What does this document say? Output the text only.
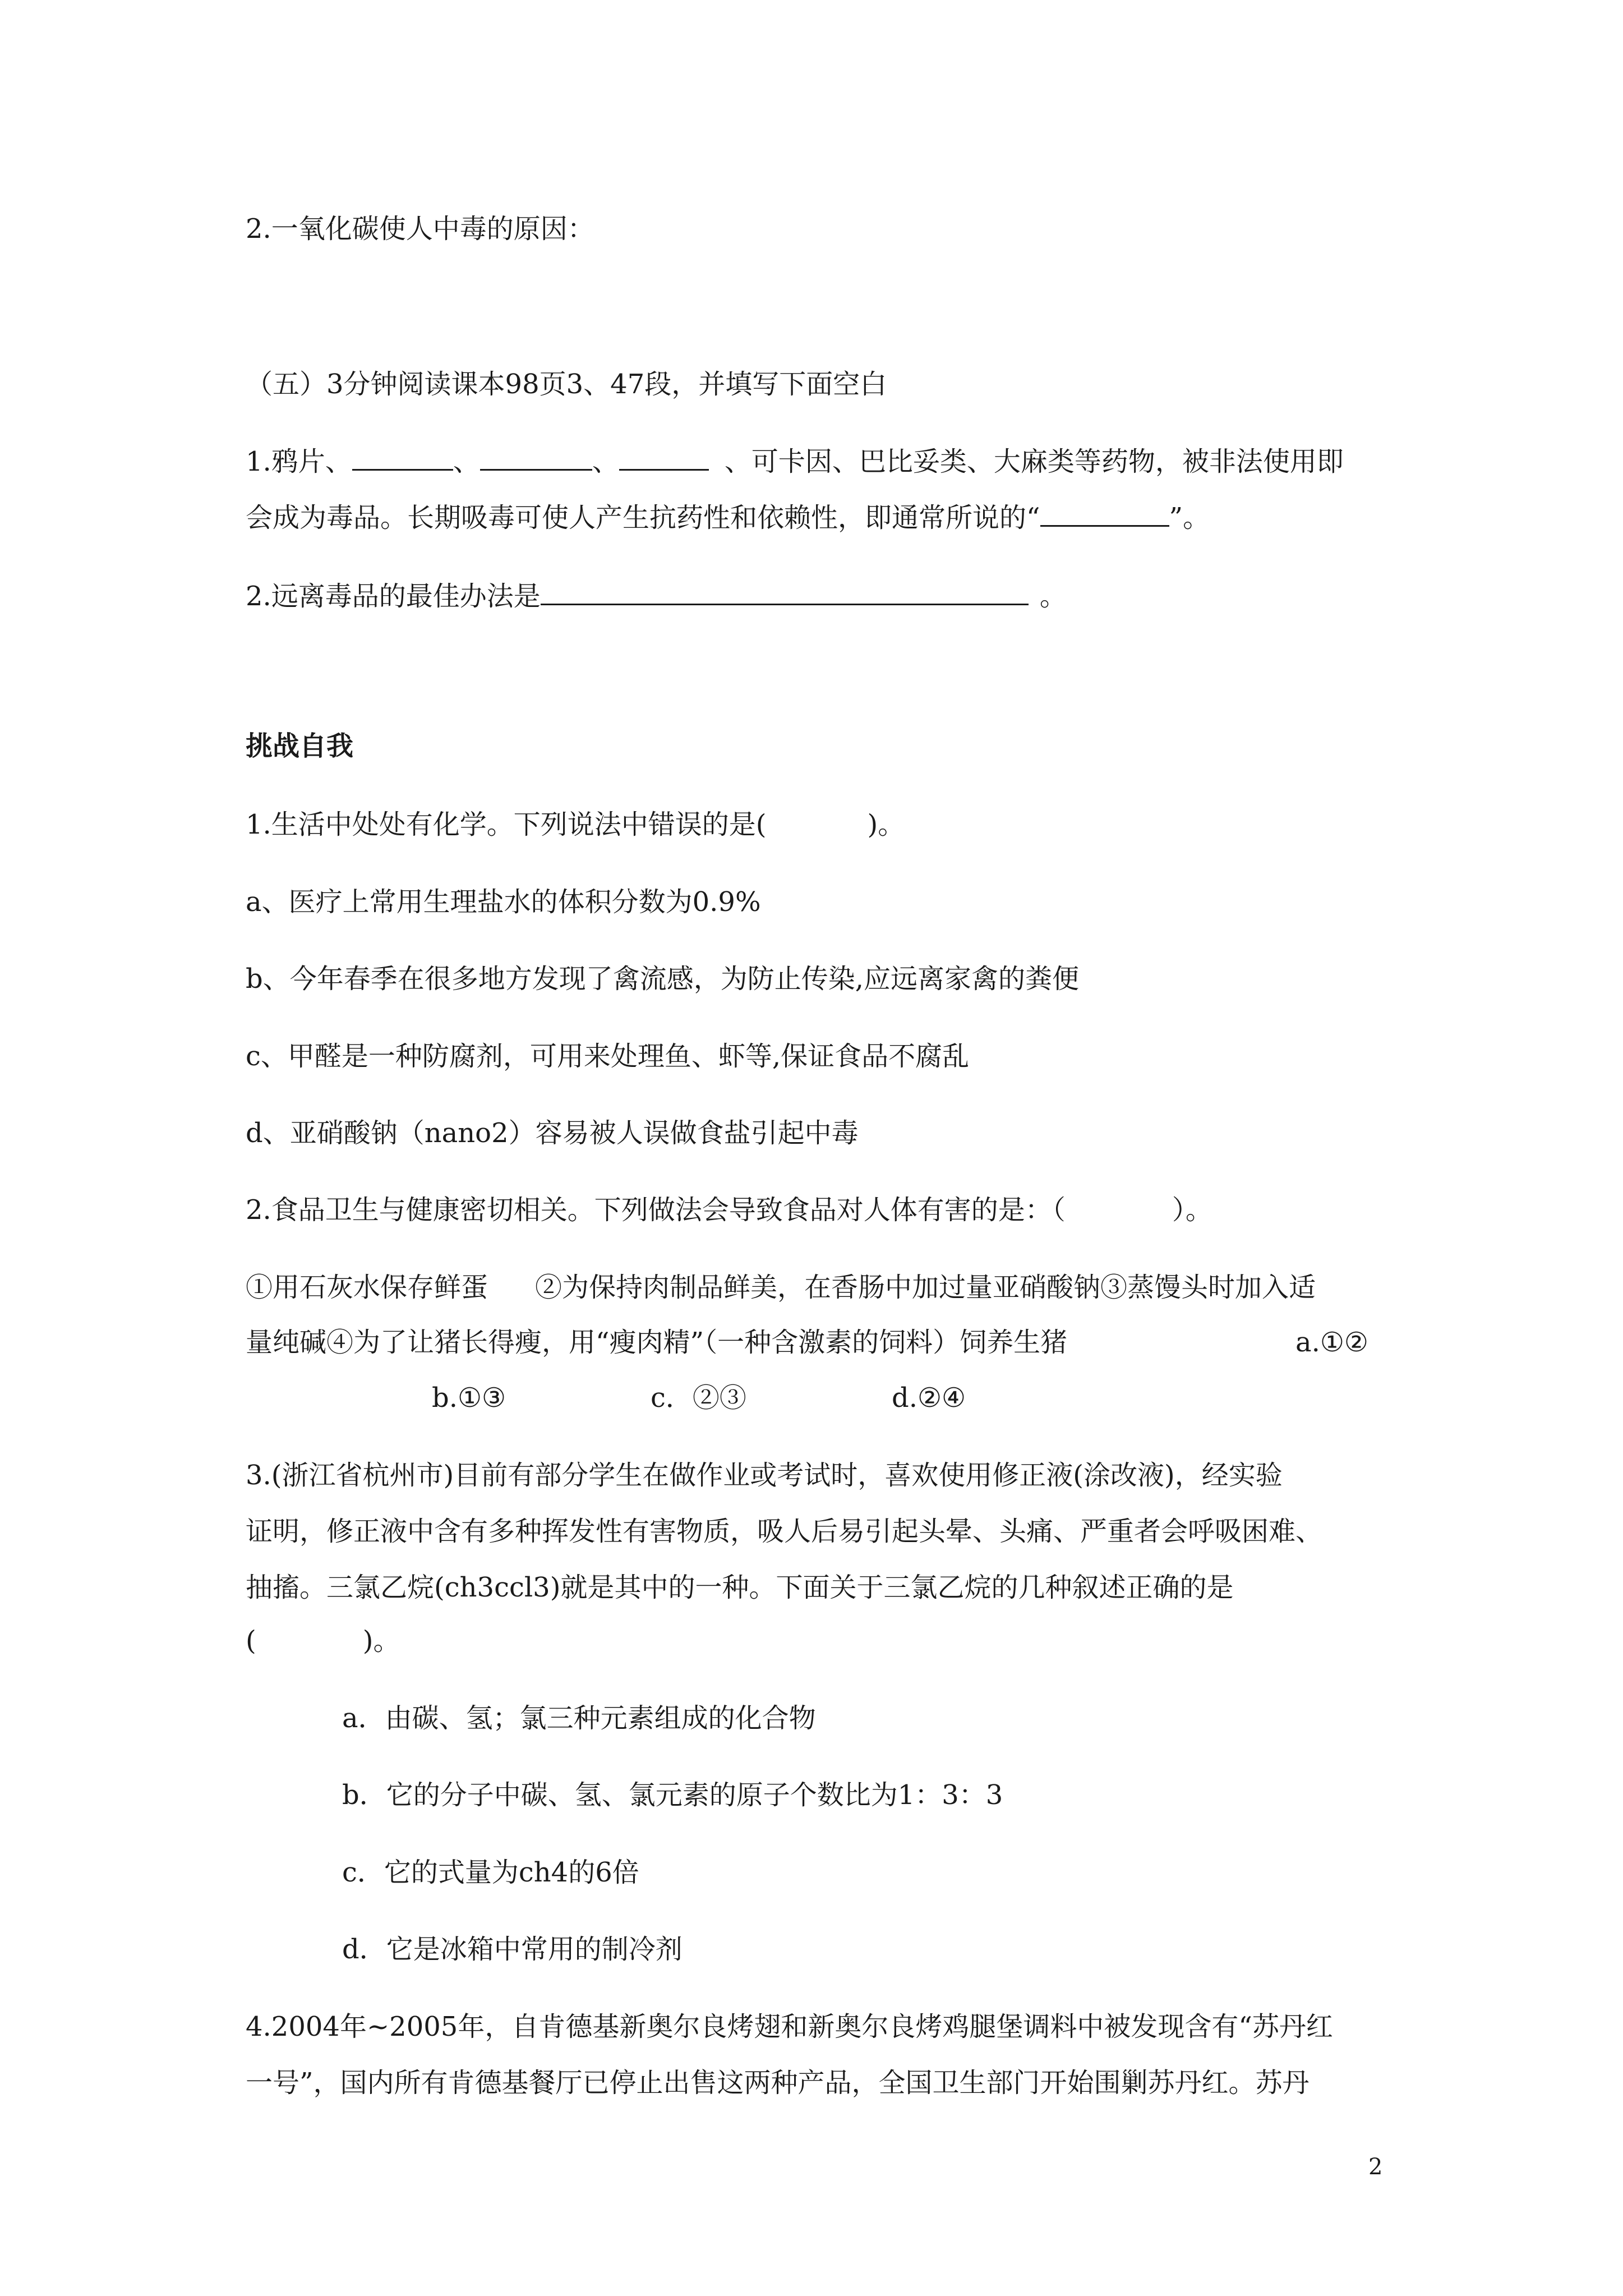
2.一氧化碳使人中毒的原因：
（五）3分钟阅读课本98页3、47段，并填写下面空白
1.鸦片、	、	、	、可卡因、巴比妥类、大麻类等药物，被非法使用即
会成为毒品。长期吸毒可使人产生抗药性和依赖性，即通常所说的“	”。
2.远离毒品的最佳办法是	。
挑战自我
1.生活中处处有化学。下列说法中错误的是(	)。
a、医疗上常用生理盐水的体积分数为0.9%
b、今年春季在很多地方发现了禽流感，为防止传染,应远离家禽的粪便
c、甲醛是一种防腐剂，可用来处理鱼、虾等,保证食品不腐乱
d、亚硝酸钠（nano2）容易被人误做食盐引起中毒
2.食品卫生与健康密切相关。下列做法会导致食品对人体有害的是：（	）。
①用石灰水保存鲜蛋 ②为保持肉制品鲜美，在香肠中加过量亚硝酸钠③蒸馒头时加入适
量纯碱④为了让猪长得瘦，用“瘦肉精”（一种含激素的饲料）饲养生猪	a.①②
b.①③	c．②③	d.②④
3.(浙江省杭州市)目前有部分学生在做作业或考试时，喜欢使用修正液(涂改液)，经实验
证明，修正液中含有多种挥发性有害物质，吸人后易引起头晕、头痛、严重者会呼吸困难、
抽搐。三氯乙烷(ch3ccl3)就是其中的一种。下面关于三氯乙烷的几种叙述正确的是
(	)。
a．由碳、氢；氯三种元素组成的化合物
b．它的分子中碳、氢、氯元素的原子个数比为1：3：3
c．它的式量为ch4的6倍
d．它是冰箱中常用的制冷剂
4.2004年~2005年，自肯德基新奥尔良烤翅和新奥尔良烤鸡腿堡调料中被发现含有“苏丹红
一号”，国内所有肯德基餐厅已停止出售这两种产品，全国卫生部门开始围剿苏丹红。苏丹
2
